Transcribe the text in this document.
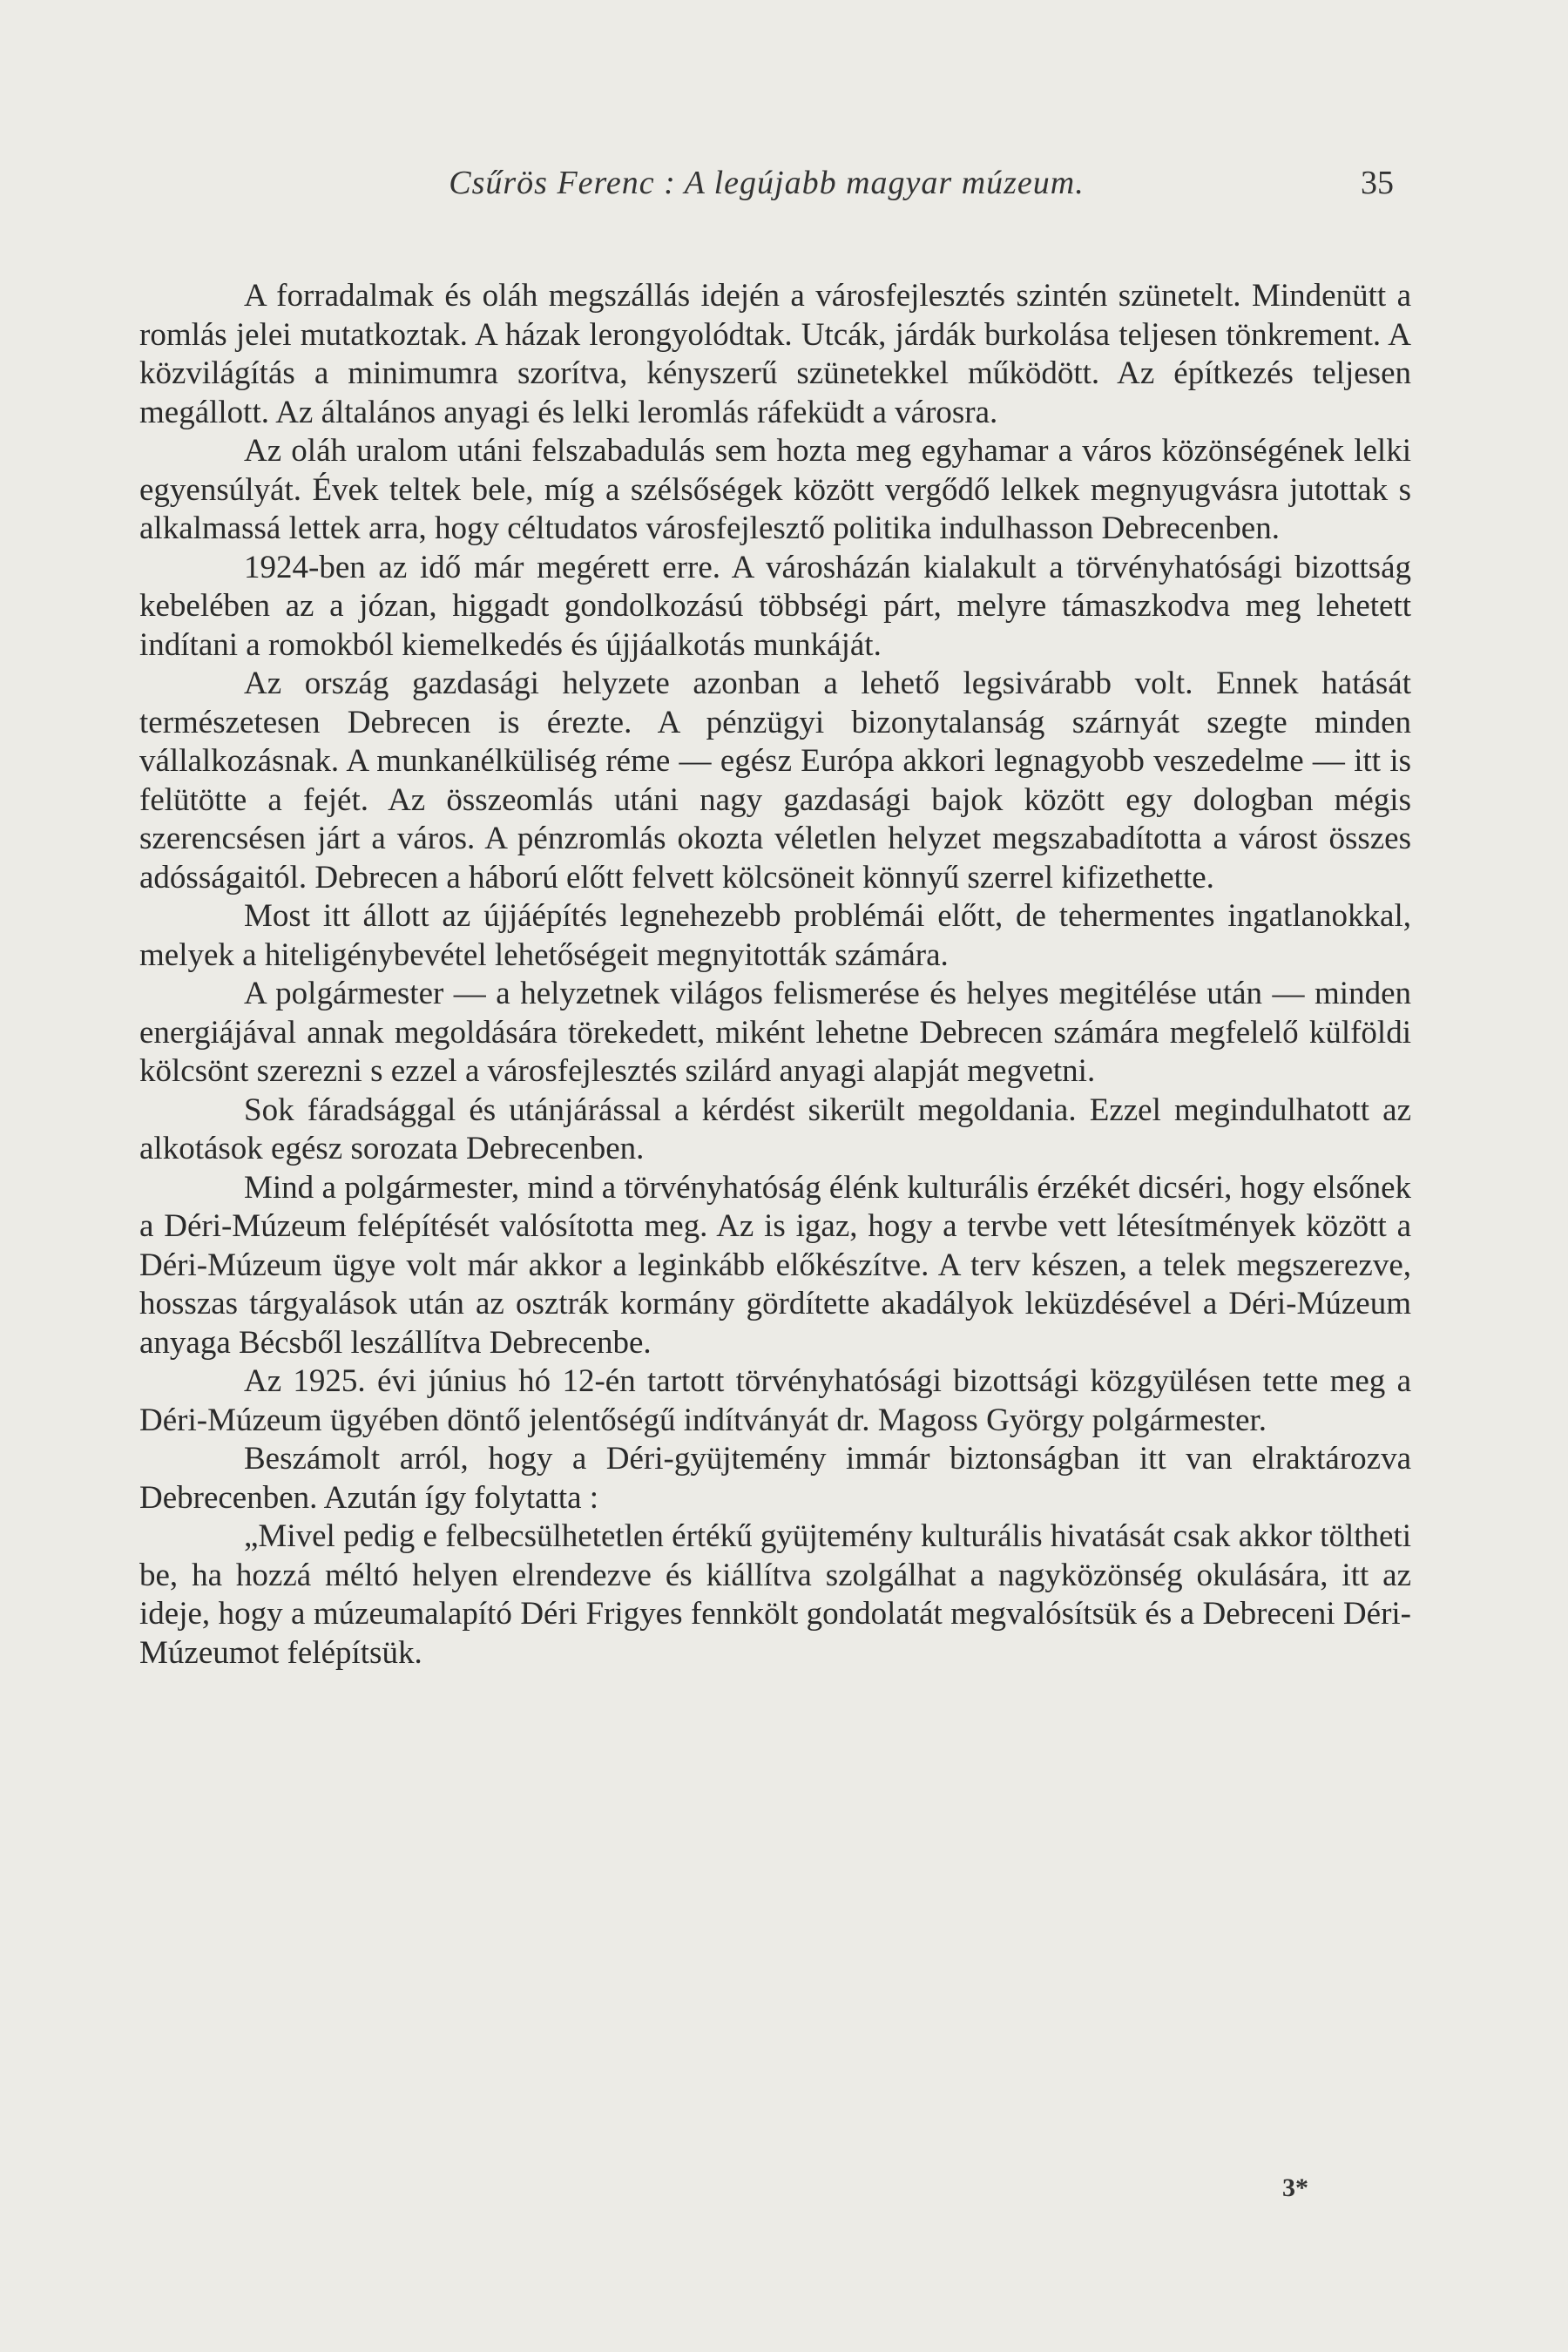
Csűrös Ferenc : A legújabb magyar múzeum.	35

A forradalmak és oláh megszállás idején a városfejlesztés szintén szünetelt. Mindenütt a romlás jelei mutatkoztak. A házak lerongyolódtak. Utcák, járdák burkolása teljesen tönkrement. A közvilágítás a minimumra szorítva, kényszerű szünetekkel működött. Az építkezés teljesen megállott. Az általános anyagi és lelki leromlás ráfeküdt a városra.

Az oláh uralom utáni felszabadulás sem hozta meg egyhamar a város közönségének lelki egyensúlyát. Évek teltek bele, míg a szélsőségek között vergődő lelkek megnyugvásra jutottak s alkalmassá lettek arra, hogy céltudatos városfejlesztő politika indulhasson Debrecenben.

1924-ben az idő már megérett erre. A városházán kialakult a törvényhatósági bizottság kebelében az a józan, higgadt gondolkozású többségi párt, melyre támaszkodva meg lehetett indítani a romokból kiemelkedés és újjáalkotás munkáját.

Az ország gazdasági helyzete azonban a lehető legsivárabb volt. Ennek hatását természetesen Debrecen is érezte. A pénzügyi bizonytalanság szárnyát szegte minden vállalkozásnak. A munkanélküliség réme — egész Európa akkori legnagyobb veszedelme — itt is felütötte a fejét. Az összeomlás utáni nagy gazdasági bajok között egy dologban mégis szerencsésen járt a város. A pénzromlás okozta véletlen helyzet megszabadította a várost összes adósságaitól. Debrecen a háború előtt felvett kölcsöneit könnyű szerrel kifizethette.

Most itt állott az újjáépítés legnehezebb problémái előtt, de tehermentes ingatlanokkal, melyek a hiteligénybevétel lehetőségeit megnyitották számára.

A polgármester — a helyzetnek világos felismerése és helyes megitélése után — minden energiájával annak megoldására törekedett, miként lehetne Debrecen számára megfelelő külföldi kölcsönt szerezni s ezzel a városfejlesztés szilárd anyagi alapját megvetni.

Sok fáradsággal és utánjárással a kérdést sikerült megoldania. Ezzel megindulhatott az alkotások egész sorozata Debrecenben.

Mind a polgármester, mind a törvényhatóság élénk kulturális érzékét dicséri, hogy elsőnek a Déri-Múzeum felépítését valósította meg. Az is igaz, hogy a tervbe vett létesítmények között a Déri-Múzeum ügye volt már akkor a leginkább előkészítve. A terv készen, a telek megszerezve, hosszas tárgyalások után az osztrák kormány gördítette akadályok leküzdésével a Déri-Múzeum anyaga Bécsből leszállítva Debrecenbe.

Az 1925. évi június hó 12-én tartott törvényhatósági bizottsági közgyülésen tette meg a Déri-Múzeum ügyében döntő jelentőségű indítványát dr. Magoss György polgármester.

Beszámolt arról, hogy a Déri-gyüjtemény immár biztonságban itt van elraktározva Debrecenben. Azután így folytatta :

„Mivel pedig e felbecsülhetetlen értékű gyüjtemény kulturális hivatását csak akkor töltheti be, ha hozzá méltó helyen elrendezve és kiállítva szolgálhat a nagyközönség okulására, itt az ideje, hogy a múzeumalapító Déri Frigyes fennkölt gondolatát megvalósítsük és a Debreceni Déri-Múzeumot felépítsük.

3*
